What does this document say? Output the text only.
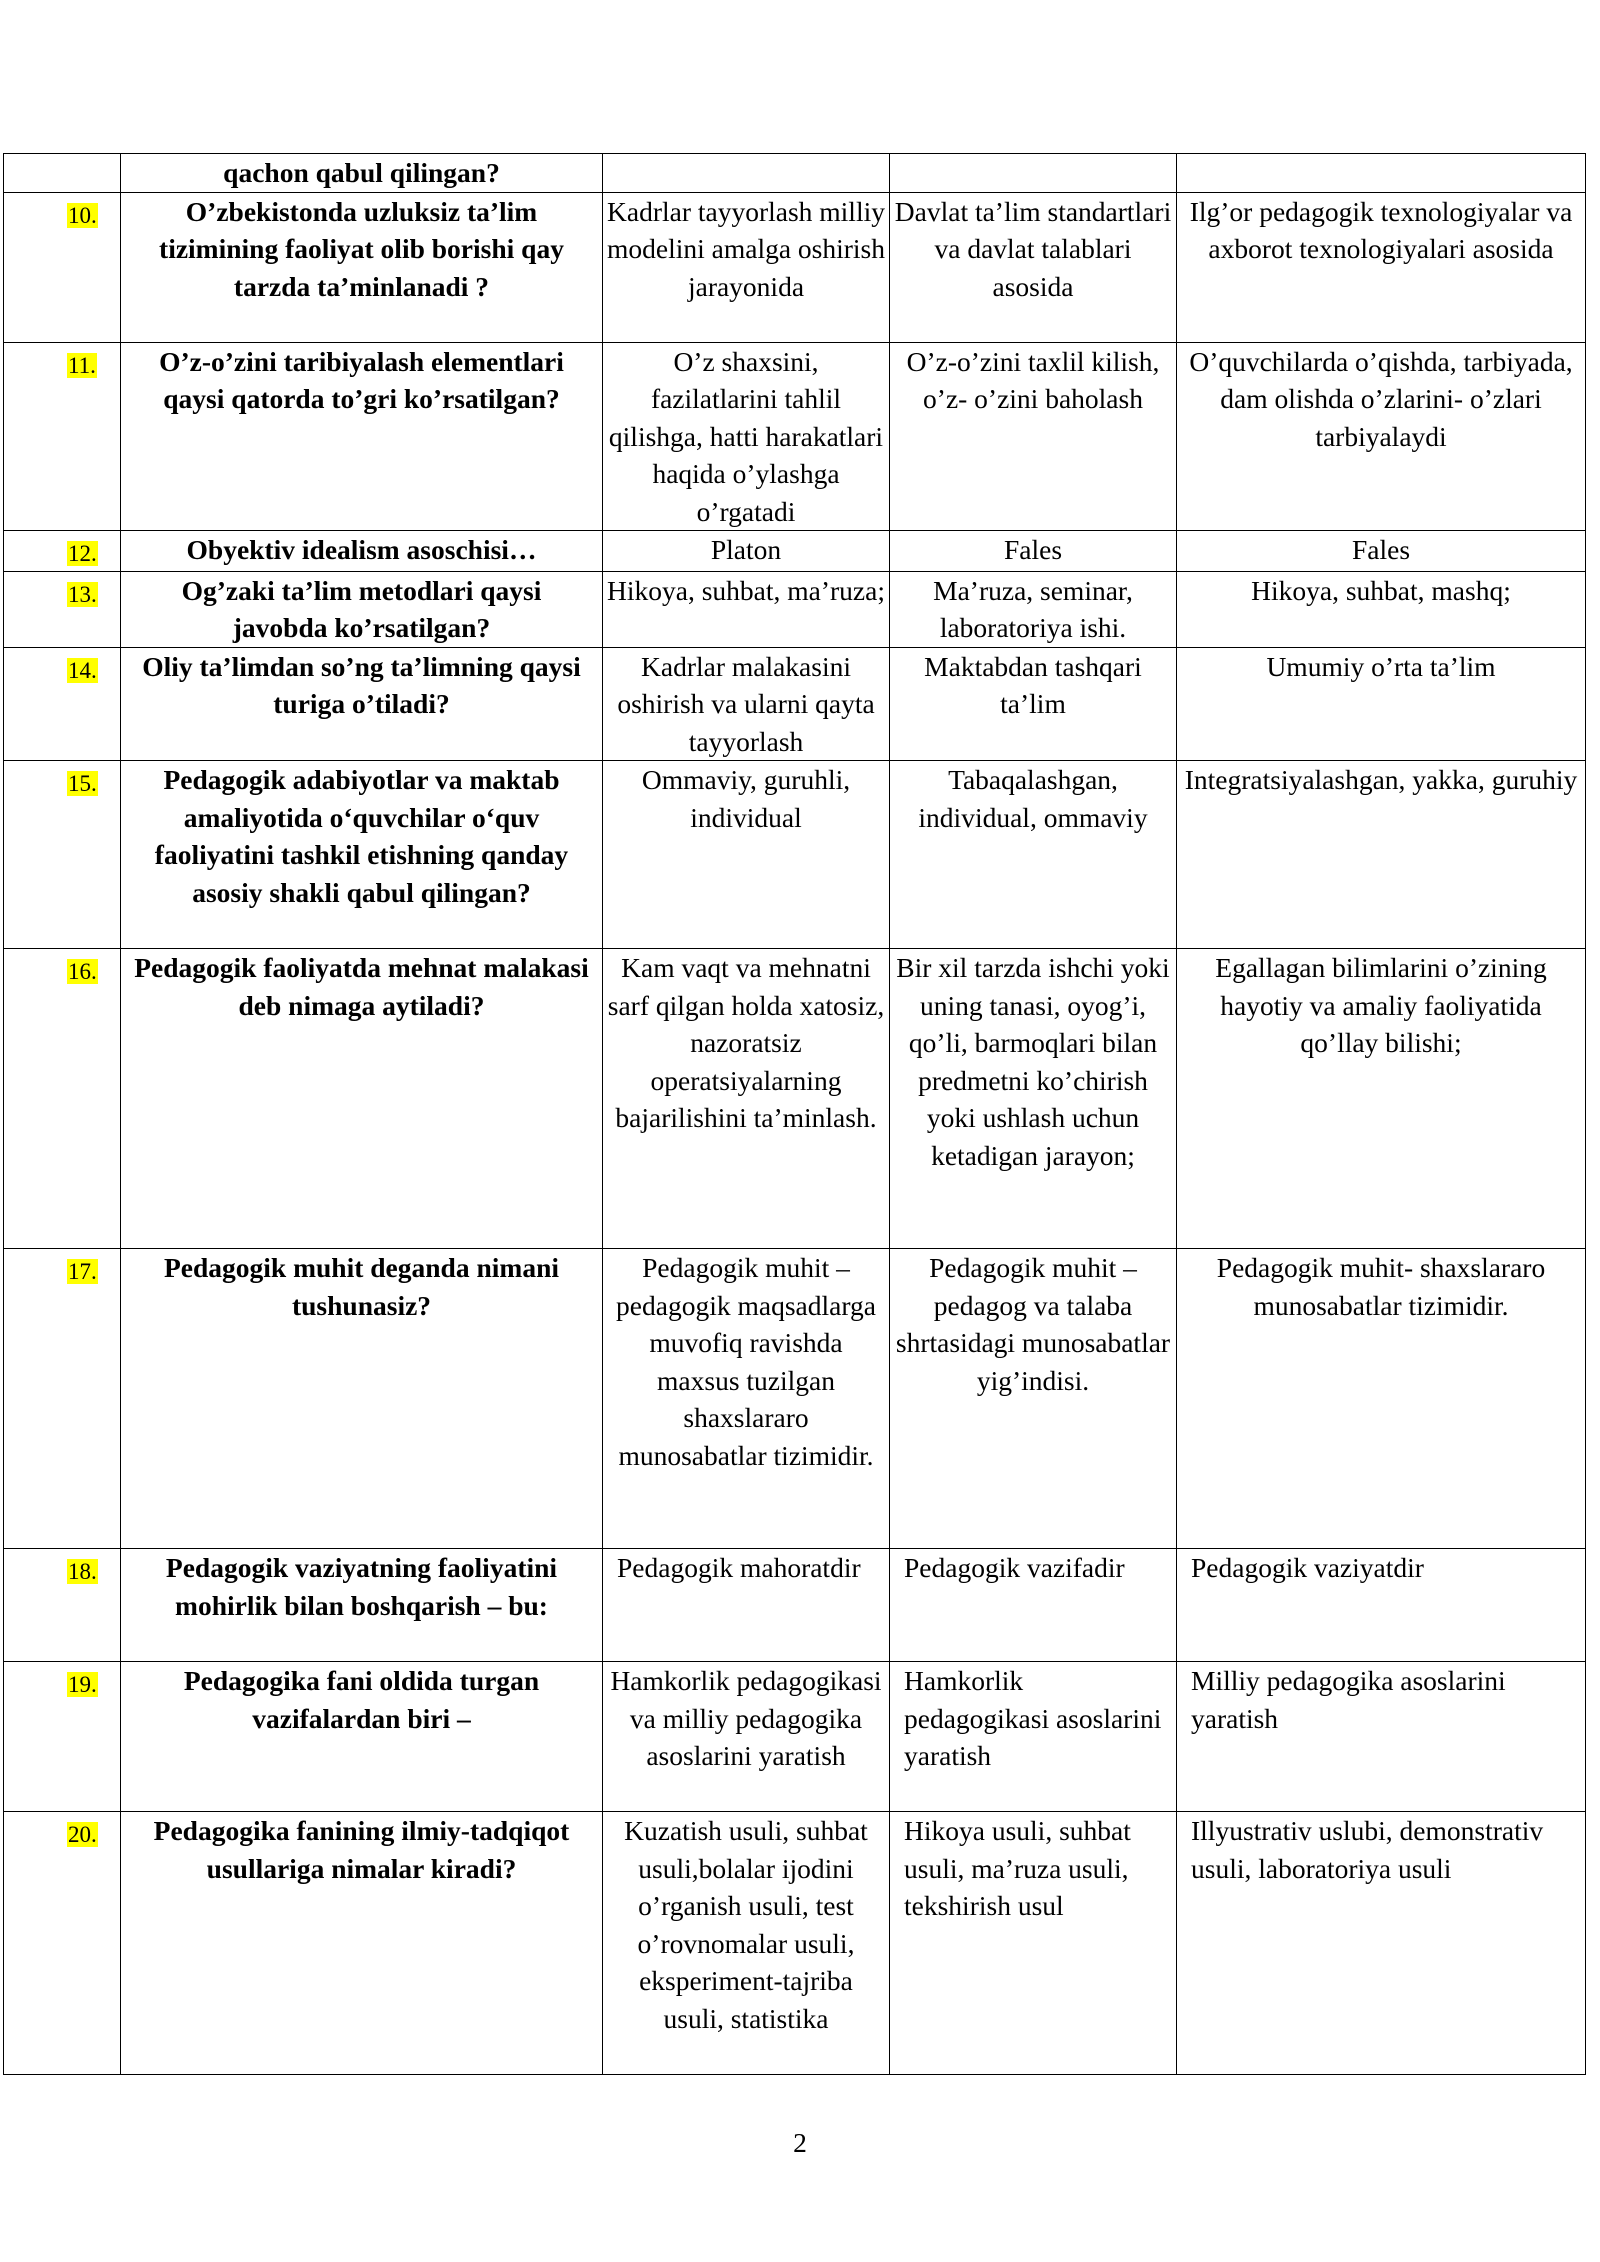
	qachon qabul qilingan?			
10.	O’zbekistonda uzluksiz ta’lim tizimining faoliyat olib borishi qay tarzda ta’minlanadi ?	Kadrlar tayyorlash milliy modelini amalga oshirish jarayonida	Davlat ta’lim standartlari va davlat talablari asosida	Ilg’or pedagogik texnologiyalar va axborot texnologiyalari asosida
11.	O’z-o’zini taribiyalash elementlari qaysi qatorda to’gri ko’rsatilgan?	O’z shaxsini, fazilatlarini tahlil qilishga, hatti harakatlari haqida o’ylashga o’rgatadi	O’z-o’zini taxlil kilish, o’z- o’zini baholash	O’quvchilarda o’qishda, tarbiyada, dam olishda o’zlarini- o’zlari tarbiyalaydi
12.	Obyektiv idealism asoschisi…	Platon	Fales	Fales
13.	Og’zaki ta’lim metodlari qaysi javobda ko’rsatilgan?	Hikoya, suhbat, ma’ruza;	Ma’ruza, seminar, laboratoriya ishi.	Hikoya, suhbat, mashq;
14.	Oliy ta’limdan so’ng ta’limning qaysi turiga o’tiladi?	Kadrlar malakasini oshirish va ularni qayta tayyorlash	Maktabdan tashqari ta’lim	Umumiy o’rta ta’lim
15.	Pedagogik adabiyotlar va maktab amaliyotida o‘quvchilar o‘quv faoliyatini tashkil etishning qanday asosiy shakli qabul qilingan?	Ommaviy, guruhli, individual	Tabaqalashgan, individual, ommaviy	Integratsiyalashgan, yakka, guruhiy
16.	Pedagogik faoliyatda mehnat malakasi deb nimaga aytiladi?	Kam vaqt va mehnatni sarf qilgan holda xatosiz, nazoratsiz operatsiyalarning bajarilishini ta’minlash.	Bir xil tarzda ishchi yoki uning tanasi, oyog’i, qo’li, barmoqlari bilan predmetni ko’chirish yoki ushlash uchun ketadigan jarayon;	Egallagan bilimlarini o’zining hayotiy va amaliy faoliyatida qo’llay bilishi;
17.	Pedagogik muhit deganda nimani tushunasiz?	Pedagogik muhit – pedagogik maqsadlarga muvofiq ravishda maxsus tuzilgan shaxslararo munosabatlar tizimidir.	Pedagogik muhit – pedagog va talaba shrtasidagi munosabatlar yig’indisi.	Pedagogik muhit- shaxslararo munosabatlar tizimidir.
18.	Pedagogik vaziyatning faoliyatini mohirlik bilan boshqarish – bu:	Pedagogik mahoratdir	Pedagogik vazifadir	Pedagogik vaziyatdir
19.	Pedagogika fani oldida turgan vazifalardan biri –	Hamkorlik pedagogikasi va milliy pedagogika asoslarini yaratish	Hamkorlik pedagogikasi asoslarini yaratish	Milliy pedagogika asoslarini yaratish
20.	Pedagogika fanining ilmiy-tadqiqot usullariga nimalar kiradi?	Kuzatish usuli, suhbat usuli,bolalar ijodini o’rganish usuli, test o’rovnomalar usuli, eksperiment-tajriba usuli, statistika	Hikoya usuli, suhbat usuli, ma’ruza usuli, tekshirish usul	Illyustrativ uslubi, demonstrativ usuli, laboratoriya usuli
2
